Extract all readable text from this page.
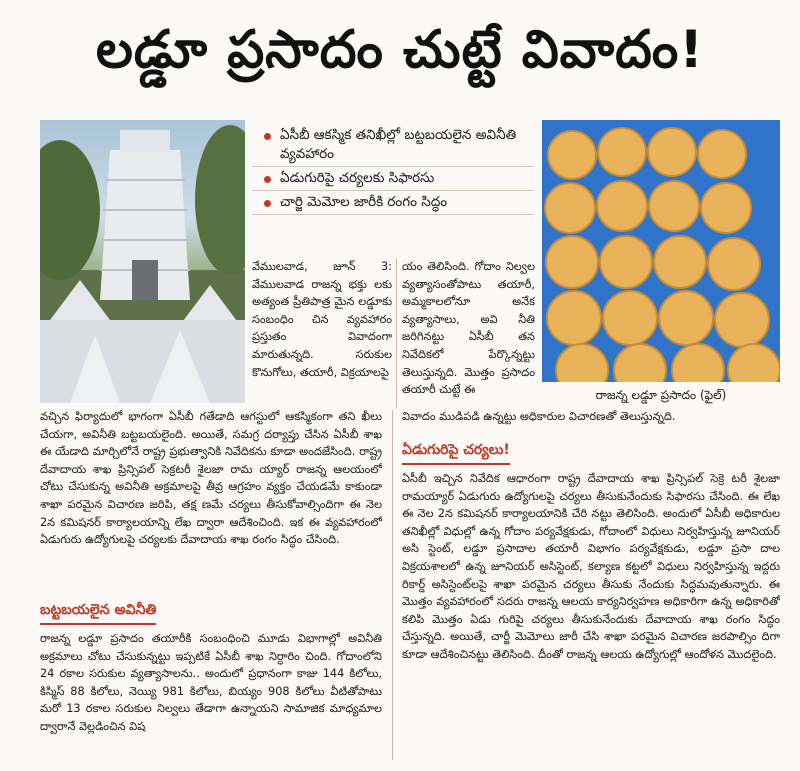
లడ్డూ ప్రసాదం చుట్టే వివాదం!
ఏసీబీ ఆకస్మిక తనిఖీల్లో బట్టబయలైన అవినీతి వ్యవహారం
ఏడుగురిపై చర్యలకు సిఫారసు
చార్జి మెమోల జారీకి రంగం సిద్ధం
రాజన్న లడ్డూ ప్రసాదం (ఫైల్)

వేములవాడ, జూన్ 3: వేములవాడ రాజన్న భక్తు లకు అత్యంత ప్రీతిపాత్ర మైన లడ్డూకు సంబంధిం చిన వ్యవహారం ప్రస్తుతం వివాదంగా మారుతున్నది. సరుకుల కొనుగోలు, తయారీ, విక్రయాలపై

యం తెలిసింది. గోదాం నిల్వల వ్యత్యాసంతోపాటు తయారీ, అమ్మకాలలోనూ అనేక వ్యత్యాసాలు, అవి నీతి జరిగినట్టు ఏసీబీ తన నివేదికలో పేర్కొన్నట్టు తెలుస్తున్నది. మొత్తం ప్రసాదం తయారీ చుట్టే ఈ

వచ్చిన ఫిర్యాదులో భాగంగా ఏసీబీ గతేడాది ఆగస్టులో ఆకస్మికంగా తని ఖీలు చేయగా, అవినీతి బట్టబయలైంది. అయితే, సమగ్ర దర్యాప్తు చేసిన ఏసీబీ శాఖ ఈ యేడాది మార్చిలోనే రాష్ట్ర ప్రభుత్వానికి నివేదికను కూడా అందజేసింది. రాష్ట్ర దేవాదాయ శాఖ ప్రిన్సిపల్ సెక్రటరీ శైలజా రామ య్యార్ రాజన్న ఆలయంలో చోటు చేసుకున్న అవినీతి అక్రమాలపై తీవ్ర ఆగ్రహం వ్యక్తం చేయడమే కాకుండా శాఖా పరమైన విచారణ జరిపి, తక్ష ణమే చర్యలు తీసుకోవాల్సిందిగా ఈ నెల 2న కమిషనర్ కార్యాలయాన్ని లేఖ ద్వారా ఆదేశించింది. ఇక ఈ వ్యవహారంలో ఏడుగురు ఉద్యోగులపై చర్యలకు దేవాదాయ శాఖ రంగం సిద్ధం చేసింది.

వివాదం ముడిపడి ఉన్నట్టు అధికారుల విచారణతో తెలుస్తున్నది.

ఏడుగురిపై చర్యలు!

ఏసీబీ ఇచ్చిన నివేదిక ఆధారంగా రాష్ట్ర దేవాదాయ శాఖ ప్రిన్సిపల్ సెక్రె టరీ శైలజా రామయ్యార్ ఏడుగురు ఉద్యోగులపై చర్యలు తీసుకునేందుకు సిఫారసు చేసింది. ఈ లేఖ ఈ నెల 2న కమిషనర్ కార్యాలయానికి చేరి నట్టు తెలిసింది. అందులో ఏసీబీ అధికారుల తనిఖీల్లో విధుల్లో ఉన్న గోదాం పర్యవేక్షకుడు, గోదాంలో విధులు నిర్వహిస్తున్న జూనియర్ అసి స్టెంట్, లడ్డూ ప్రసాదాల తయారీ విభాగం పర్యవేక్షకుడు, లడ్డూ ప్రసా దాల విక్రయశాలలో ఉన్న జూనియర్ అసిస్టెంట్, కల్యాణ కట్టలో విధులు నిర్వహిస్తున్న ఇద్దరు రికార్డ్ అసిస్టెంట్‌లపై శాఖా పరమైన చర్యలు తీసుకు నేందుకు సిద్ధమవుతున్నారు. ఈ మొత్తం వ్యవహారంలో సదరు రాజన్న ఆలయ కార్యనిర్వహణ అధికారిగా ఉన్న అధికారితో కలిపి మొత్తం ఏడు గురిపై చర్యలు తీసుకునేందుకు దేవాదాయ శాఖ రంగం సిద్ధం చేస్తున్నది. అయితే, చార్జీ మెమోలు జారీ చేసి శాఖా పరమైన విచారణ జరపాల్సిం దిగా కూడా ఆదేశించినట్టు తెలిసింది. దీంతో రాజన్న ఆలయ ఉద్యోగుల్లో ఆందోళన మొదలైంది.

బట్టబయలైన అవినీతి

రాజన్న లడ్డూ ప్రసాదం తయారీకి సంబంధించి మూడు విభాగాల్లో అవినీతి అక్రమాలు చోటు చేసుకున్నట్టు ఇప్పటికే ఏసీబీ శాఖ నిర్ధారిం చింది. గోదాంలోని 24 రకాల సరుకుల వ్యత్యాసాలను.. అందులో ప్రధానంగా కాజు 144 కిలోలు, కిస్మిస్ 88 కిలోలు, నెయ్యి 981 కిలోలు, బియ్యం 908 కిలోలు వీటితోపాటు మరో 13 రకాల సరుకుల నిల్వలు తేడాగా ఉన్నాయని సామాజిక మాధ్యమాల ద్వారానే వెల్లడించిన విష
